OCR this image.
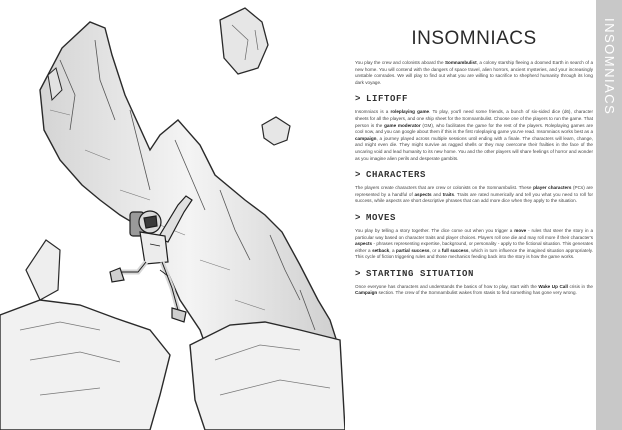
INSOMNIACS

You play the crew and colonists aboard the Somnambulist, a colony starship fleeing a doomed Earth in search of a new home. You will contend with the dangers of space travel, alien horrors, ancient mysteries, and your increasingly unstable comrades. We will play to find out what you are willing to sacrifice to shepherd humanity through its long dark voyage.

> LIFTOFF

Insomniacs is a roleplaying game. To play, you'll need some friends, a bunch of six-sided dice (d6), character sheets for all the players, and one ship sheet for the Somnambulist. Choose one of the players to run the game. That person is the game moderator (GM), who facilitates the game for the rest of the players. Roleplaying games are cool now, and you can google about them if this is the first roleplaying game you've read. Insomniacs works best as a campaign, a journey played across multiple sessions until ending with a finale. The characters will learn, change, and might even die. They might survive as ragged shells or they may overcome their frailties in the face of the uncaring void and lead humanity to its new home. You and the other players will share feelings of horror and wonder as you imagine alien perils and desperate gambits.

> CHARACTERS

The players create characters that are crew or colonists on the Somnambulist. These player characters (PCs) are represented by a handful of aspects and traits. Traits are rated numerically and tell you what you need to roll for success, while aspects are short descriptive phrases that can add more dice when they apply to the situation.

> MOVES

You play by telling a story together. The dice come out when you trigger a move - rules that steer the story in a particular way based on character traits and player choices. Players roll one die and may roll more if their character's aspects - phrases representing expertise, background, or personality - apply to the fictional situation. This generates either a setback, a partial success, or a full success, which in turn influence the imagined situation appropriately. This cycle of fiction triggering rules and those mechanics feeding back into the story is how the game works.

> STARTING SITUATION

Once everyone has characters and understands the basics of how to play, start with the Wake Up Call crisis in the Campaign section. The crew of the Somnambulist wakes from stasis to find something has gone very wrong.

INSOMNIACS
